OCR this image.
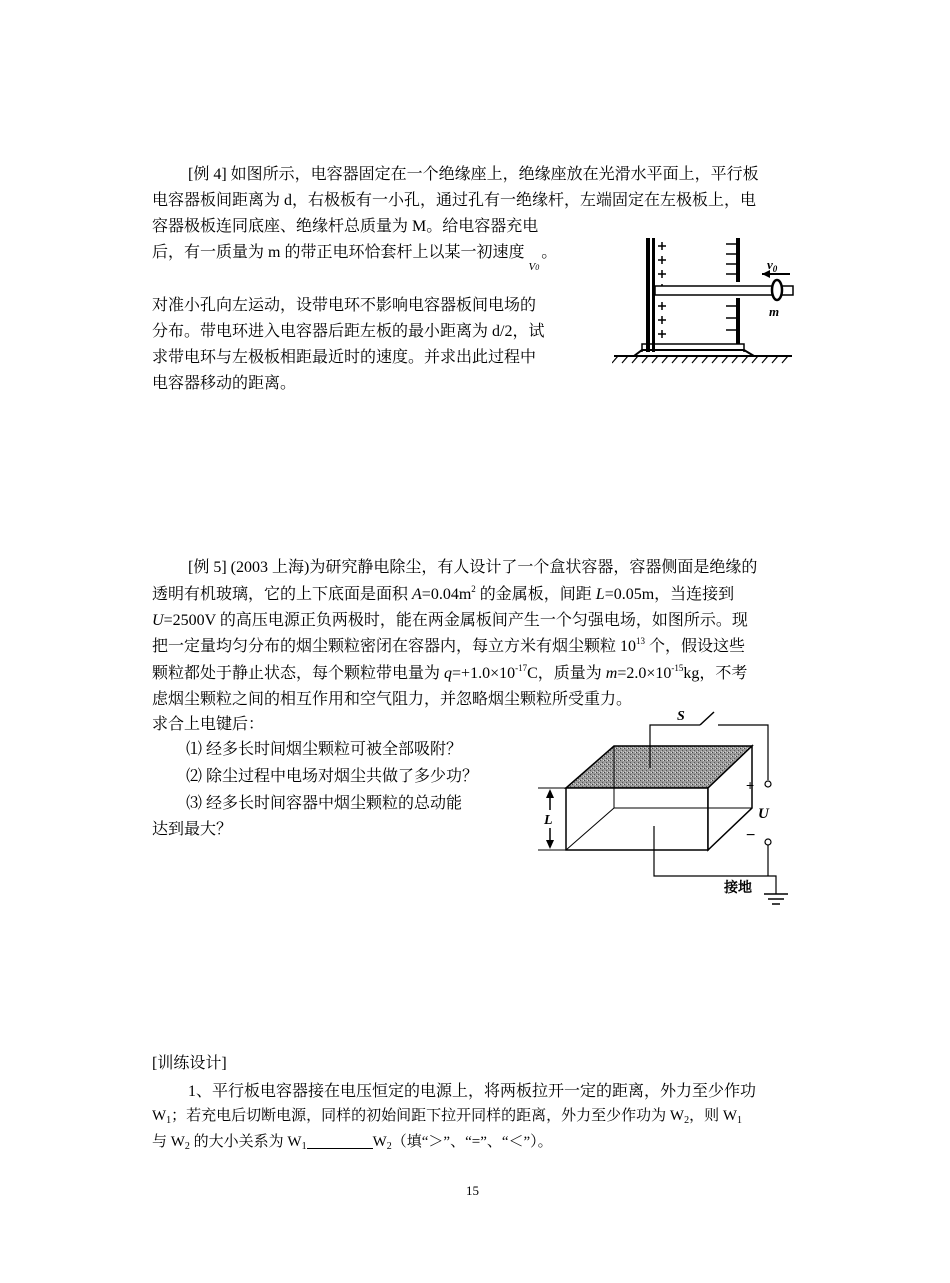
[例 4] 如图所示，电容器固定在一个绝缘座上，绝缘座放在光滑水平面上，平行板
电容器板间距离为 d，右极板有一小孔，通过孔有一绝缘杆，左端固定在左极板上，电
容器极板连同底座、绝缘杆总质量为 M。给电容器充电
后，有一质量为 m 的带正电环恰套杆上以某一初速度$_{V0}$。
对准小孔向左运动，设带电环不影响电容器板间电场的
分布。带电环进入电容器后距左板的最小距离为 d/2，试
求带电环与左极板相距最近时的速度。并求出此过程中
电容器移动的距离。
$v_0$
m
[例 5] (2003 上海)为研究静电除尘，有人设计了一个盒状容器，容器侧面是绝缘的
透明有机玻璃，它的上下底面是面积 $A=0.04m^2$ 的金属板，间距 L=0.05m，当连接到
U=2500V 的高压电源正负两极时，能在两金属板间产生一个匀强电场，如图所示。现
把一定量均匀分布的烟尘颗粒密闭在容器内，每立方米有烟尘颗粒 $10^{13}$ 个，假设这些
颗粒都处于静止状态，每个颗粒带电量为 $q=+1.0\times 10^{-17}C$，质量为 $m=2.0\times 10^{-15}kg$，不考
虑烟尘颗粒之间的相互作用和空气阻力，并忽略烟尘颗粒所受重力。
求合上电键后：
⑴ 经多长时间烟尘颗粒可被全部吸附？
⑵ 除尘过程中电场对烟尘共做了多少功？
⑶ 经多长时间容器中烟尘颗粒的总动能
达到最大？
S
+
U
−
L
接地
[训练设计]
1、平行板电容器接在电压恒定的电源上，将两板拉开一定的距离，外力至少作功
$W_1$；若充电后切断电源，同样的初始间距下拉开同样的距离，外力至少作功为 $W_2$，则 $W_1$
与 $W_2$ 的大小关系为 $W_1$	$W_2$（填“＞”、“=”、“＜”）。
15
